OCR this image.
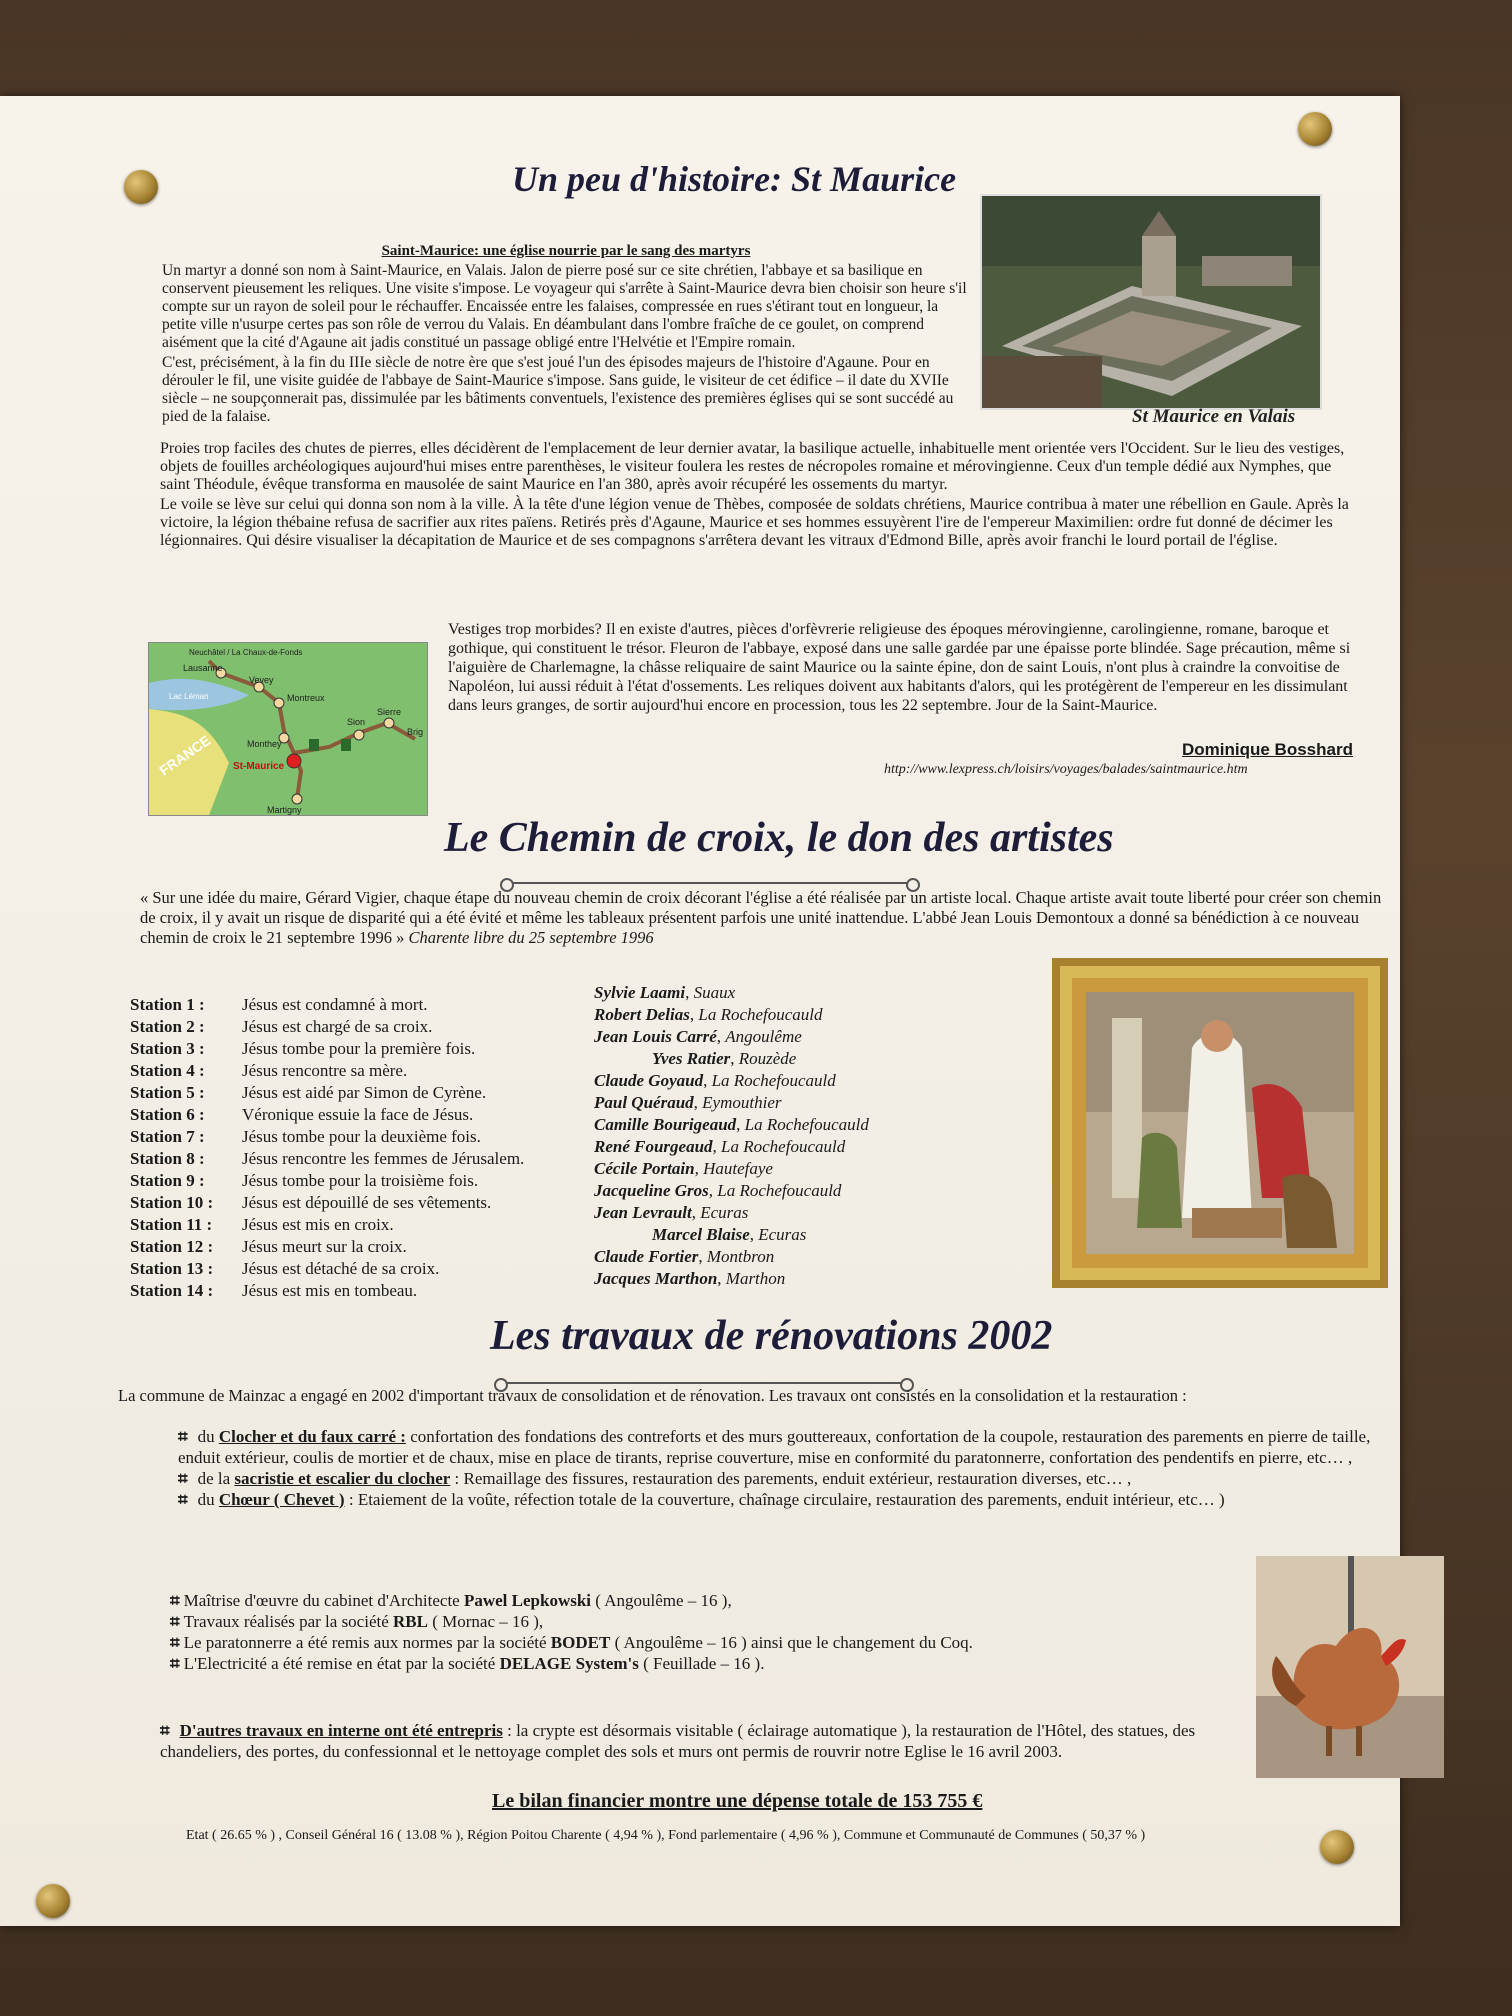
Un peu d'histoire: St Maurice
Saint-Maurice: une église nourrie par le sang des martyrs

Un martyr a donné son nom à Saint-Maurice, en Valais. Jalon de pierre posé sur ce site chrétien, l'abbaye et sa basilique en conservent pieusement les reliques. Une visite s'impose. Le voyageur qui s'arrête à Saint-Maurice devra bien choisir son heure s'il compte sur un rayon de soleil pour le réchauffer. Encaissée entre les falaises, compressée en rues s'étirant tout en longueur, la petite ville n'usurpe certes pas son rôle de verrou du Valais. En déambulant dans l'ombre fraîche de ce goulet, on comprend aisément que la cité d'Agaune ait jadis constitué un passage obligé entre l'Helvétie et l'Empire romain.

C'est, précisément, à la fin du IIIe siècle de notre ère que s'est joué l'un des épisodes majeurs de l'histoire d'Agaune. Pour en dérouler le fil, une visite guidée de l'abbaye de Saint-Maurice s'impose. Sans guide, le visiteur de cet édifice – il date du XVIIe siècle – ne soupçonnerait pas, dissimulée par les bâtiments conventuels, l'existence des premières églises qui se sont succédé au pied de la falaise.	St Maurice en Valais

Proies trop faciles des chutes de pierres, elles décidèrent de l'emplacement de leur dernier avatar, la basilique actuelle, inhabituelle ment orientée vers l'Occident. Sur le lieu des vestiges, objets de fouilles archéologiques aujourd'hui mises entre parenthèses, le visiteur foulera les restes de nécropoles romaine et mérovingienne. Ceux d'un temple dédié aux Nymphes, que saint Théodule, évêque transforma en mausolée de saint Maurice en l'an 380, après avoir récupéré les ossements du martyr.

Le voile se lève sur celui qui donna son nom à la ville. À la tête d'une légion venue de Thèbes, composée de soldats chrétiens, Maurice contribua à mater une rébellion en Gaule. Après la victoire, la légion thébaine refusa de sacrifier aux rites païens. Retirés près d'Agaune, Maurice et ses hommes essuyèrent l'ire de l'empereur Maximilien: ordre fut donné de décimer les légionnaires. Qui désire visualiser la décapitation de Maurice et de ses compagnons s'arrêtera devant les vitraux d'Edmond Bille, après avoir franchi le lourd portail de l'église.

Neuchâtel / La Chaux-de-Fonds
Lausanne
Vevey
Montreux
Lac Léman
FRANCE	Monthey
St-Maurice
Martigny
Sion
Sierre
Brig
Vestiges trop morbides? Il en existe d'autres, pièces d'orfèvrerie religieuse des époques mérovingienne, carolingienne, romane, baroque et gothique, qui constituent le trésor. Fleuron de l'abbaye, exposé dans une salle gardée par une épaisse porte blindée. Sage précaution, même si l'aiguière de Charlemagne, la châsse reliquaire de saint Maurice ou la sainte épine, don de saint Louis, n'ont plus à craindre la convoitise de Napoléon, lui aussi réduit à l'état d'ossements. Les reliques doivent aux habitants d'alors, qui les protégèrent de l'empereur en les dissimulant dans leurs granges, de sortir aujourd'hui encore en procession, tous les 22 septembre. Jour de la Saint-Maurice.
Dominique Bosshard
http://www.lexpress.ch/loisirs/voyages/balades/saintmaurice.htm
Le Chemin de croix, le don des artistes
« Sur une idée du maire, Gérard Vigier, chaque étape du nouveau chemin de croix décorant l'église a été réalisée par un artiste local. Chaque artiste avait toute liberté pour créer son chemin de croix, il y avait un risque de disparité qui a été évité et même les tableaux présentent parfois une unité inattendue. L'abbé Jean Louis Demontoux a donné sa bénédiction à ce nouveau chemin de croix le 21 septembre 1996 » Charente libre du 25 septembre 1996
Station 1 :	Jésus est condamné à mort.
Station 2 :	Jésus est chargé de sa croix.
Station 3 :	Jésus tombe pour la première fois.
Station 4 :	Jésus rencontre sa mère.
Station 5 :	Jésus est aidé par Simon de Cyrène.
Station 6 :	Véronique essuie la face de Jésus.
Station 7 :	Jésus tombe pour la deuxième fois.
Station 8 :	Jésus rencontre les femmes de Jérusalem.
Station 9 :	Jésus tombe pour la troisième fois.
Station 10 :	Jésus est dépouillé de ses vêtements.
Station 11 :	Jésus est mis en croix.
Station 12 :	Jésus meurt sur la croix.
Station 13 :	Jésus est détaché de sa croix.
Station 14 :	Jésus est mis en tombeau.
Sylvie Laami, Suaux
Robert Delias, La Rochefoucauld
Jean Louis Carré, Angoulême
Yves Ratier, Rouzède
Claude Goyaud, La Rochefoucauld
Paul Quéraud, Eymouthier
Camille Bourigeaud, La Rochefoucauld
René Fourgeaud, La Rochefoucauld
Cécile Portain, Hautefaye
Jacqueline Gros, La Rochefoucauld
Jean Levrault, Ecuras
Marcel Blaise, Ecuras
Claude Fortier, Montbron
Jacques Marthon, Marthon
Les travaux de rénovations 2002
La commune de Mainzac a engagé en 2002 d'important travaux de consolidation et de rénovation. Les travaux ont consistés en la consolidation et la restauration :

⌗ du Clocher et du faux carré : confortation des fondations des contreforts et des murs gouttereaux, confortation de la coupole, restauration des parements en pierre de taille, enduit extérieur, coulis de mortier et de chaux, mise en place de tirants, reprise couverture, mise en conformité du paratonnerre, confortation des pendentifs en pierre, etc… ,

⌗ de la sacristie et escalier du clocher : Remaillage des fissures, restauration des parements, enduit extérieur, restauration diverses, etc… ,

⌗ du Chœur ( Chevet ) : Etaiement de la voûte, réfection totale de la couverture, chaînage circulaire, restauration des parements, enduit intérieur, etc… )

⌗ Maîtrise d'œuvre du cabinet d'Architecte Pawel Lepkowski ( Angoulême – 16 ),

⌗ Travaux réalisés par la société RBL ( Mornac – 16 ),

⌗ Le paratonnerre a été remis aux normes par la société BODET ( Angoulême – 16 ) ainsi que le changement du Coq.

⌗ L'Electricité a été remise en état par la société DELAGE System's ( Feuillade – 16 ).

⌗ D'autres travaux en interne ont été entrepris : la crypte est désormais visitable ( éclairage automatique ), la restauration de l'Hôtel, des statues, des chandeliers, des portes, du confessionnal et le nettoyage complet des sols et murs ont permis de rouvrir notre Eglise le 16 avril 2003.
Le bilan financier montre une dépense totale de 153 755 €
Etat ( 26.65 % ) , Conseil Général 16 ( 13.08 % ), Région Poitou Charente ( 4,94 % ), Fond parlementaire ( 4,96 % ), Commune et Communauté de Communes ( 50,37 % )
